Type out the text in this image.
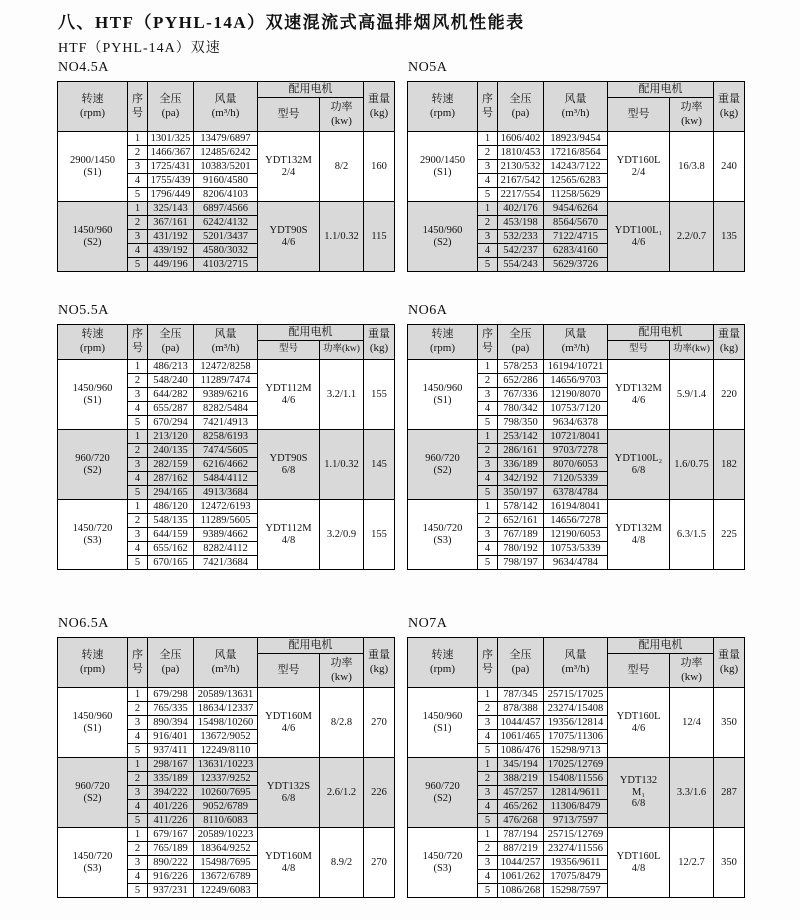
八、HTF（PYHL-14A）双速混流式高温排烟风机性能表
HTF（PYHL-14A）双速
NO4.5A
转速
(rpm)	序
号	全压
(pa)	风量
(m³/h)	配用电机		重量
(kg)
				型号	功率
(kw)	
2900/1450
(S1)	1	1301/325	13479/6897	YDT132M
2/4	8/2	160
	2	1466/367	12485/6242			
	3	1725/431	10383/5201			
	4	1755/439	9160/4580			
	5	1796/449	8206/4103			
1450/960
(S2)	1	325/143	6897/4566	YDT90S
4/6	1.1/0.32	115
	2	367/161	6242/4132			
	3	431/192	5201/3437			
	4	439/192	4580/3032			
	5	449/196	4103/2715			
NO5A
转速
(rpm)	序
号	全压
(pa)	风量
(m³/h)	配用电机		重量
(kg)
				型号	功率
(kw)	
2900/1450
(S1)	1	1606/402	18923/9454	YDT160L
2/4	16/3.8	240
	2	1810/453	17216/8564			
	3	2130/532	14243/7122			
	4	2167/542	12565/6283			
	5	2217/554	11258/5629			
1450/960
(S2)	1	402/176	9454/6264	YDT100L₁
4/6	2.2/0.7	135
	2	453/198	8564/5670			
	3	532/233	7122/4715			
	4	542/237	6283/4160			
	5	554/243	5629/3726			
NO5.5A
转速
(rpm)	序
号	全压
(pa)	风量
(m³/h)	配用电机		重量
(kg)
				型号	功率(kw)	
1450/960
(S1)	1	486/213	12472/8258	YDT112M
4/6	3.2/1.1	155
	2	548/240	11289/7474			
	3	644/282	9389/6216			
	4	655/287	8282/5484			
	5	670/294	7421/4913			
960/720
(S2)	1	213/120	8258/6193	YDT90S
6/8	1.1/0.32	145
	2	240/135	7474/5605			
	3	282/159	6216/4662			
	4	287/162	5484/4112			
	5	294/165	4913/3684			
1450/720
(S3)	1	486/120	12472/6193	YDT112M
4/8	3.2/0.9	155
	2	548/135	11289/5605			
	3	644/159	9389/4662			
	4	655/162	8282/4112			
	5	670/165	7421/3684			
NO6A
转速
(rpm)	序
号	全压
(pa)	风量
(m³/h)	配用电机		重量
(kg)
				型号	功率(kw)	
1450/960
(S1)	1	578/253	16194/10721	YDT132M
4/6	5.9/1.4	220
	2	652/286	14656/9703			
	3	767/336	12190/8070			
	4	780/342	10753/7120			
	5	798/350	9634/6378			
960/720
(S2)	1	253/142	10721/8041	YDT100L₂
6/8	1.6/0.75	182
	2	286/161	9703/7278			
	3	336/189	8070/6053			
	4	342/192	7120/5339			
	5	350/197	6378/4784			
1450/720
(S3)	1	578/142	16194/8041	YDT132M
4/8	6.3/1.5	225
	2	652/161	14656/7278			
	3	767/189	12190/6053			
	4	780/192	10753/5339			
	5	798/197	9634/4784			
NO6.5A
转速
(rpm)	序
号	全压
(pa)	风量
(m³/h)	配用电机		重量
(kg)
				型号	功率
(kw)	
1450/960
(S1)	1	679/298	20589/13631	YDT160M
4/6	8/2.8	270
	2	765/335	18634/12337			
	3	890/394	15498/10260			
	4	916/401	13672/9052			
	5	937/411	12249/8110			
960/720
(S2)	1	298/167	13631/10223	YDT132S
6/8	2.6/1.2	226
	2	335/189	12337/9252			
	3	394/222	10260/7695			
	4	401/226	9052/6789			
	5	411/226	8110/6083			
1450/720
(S3)	1	679/167	20589/10223	YDT160M
4/8	8.9/2	270
	2	765/189	18364/9252			
	3	890/222	15498/7695			
	4	916/226	13672/6789			
	5	937/231	12249/6083			
NO7A
转速
(rpm)	序
号	全压
(pa)	风量
(m³/h)	配用电机		重量
(kg)
				型号	功率
(kw)	
1450/960
(S1)	1	787/345	25715/17025	YDT160L
4/6	12/4	350
	2	878/388	23274/15408			
	3	1044/457	19356/12814			
	4	1061/465	17075/11306			
	5	1086/476	15298/9713			
960/720
(S2)	1	345/194	17025/12769	YDT132
M₁
6/8	3.3/1.6	287
	2	388/219	15408/11556			
	3	457/257	12814/9611			
	4	465/262	11306/8479			
	5	476/268	9713/7597			
1450/720
(S3)	1	787/194	25715/12769	YDT160L
4/8	12/2.7	350
	2	887/219	23274/11556			
	3	1044/257	19356/9611			
	4	1061/262	17075/8479			
	5	1086/268	15298/7597			
